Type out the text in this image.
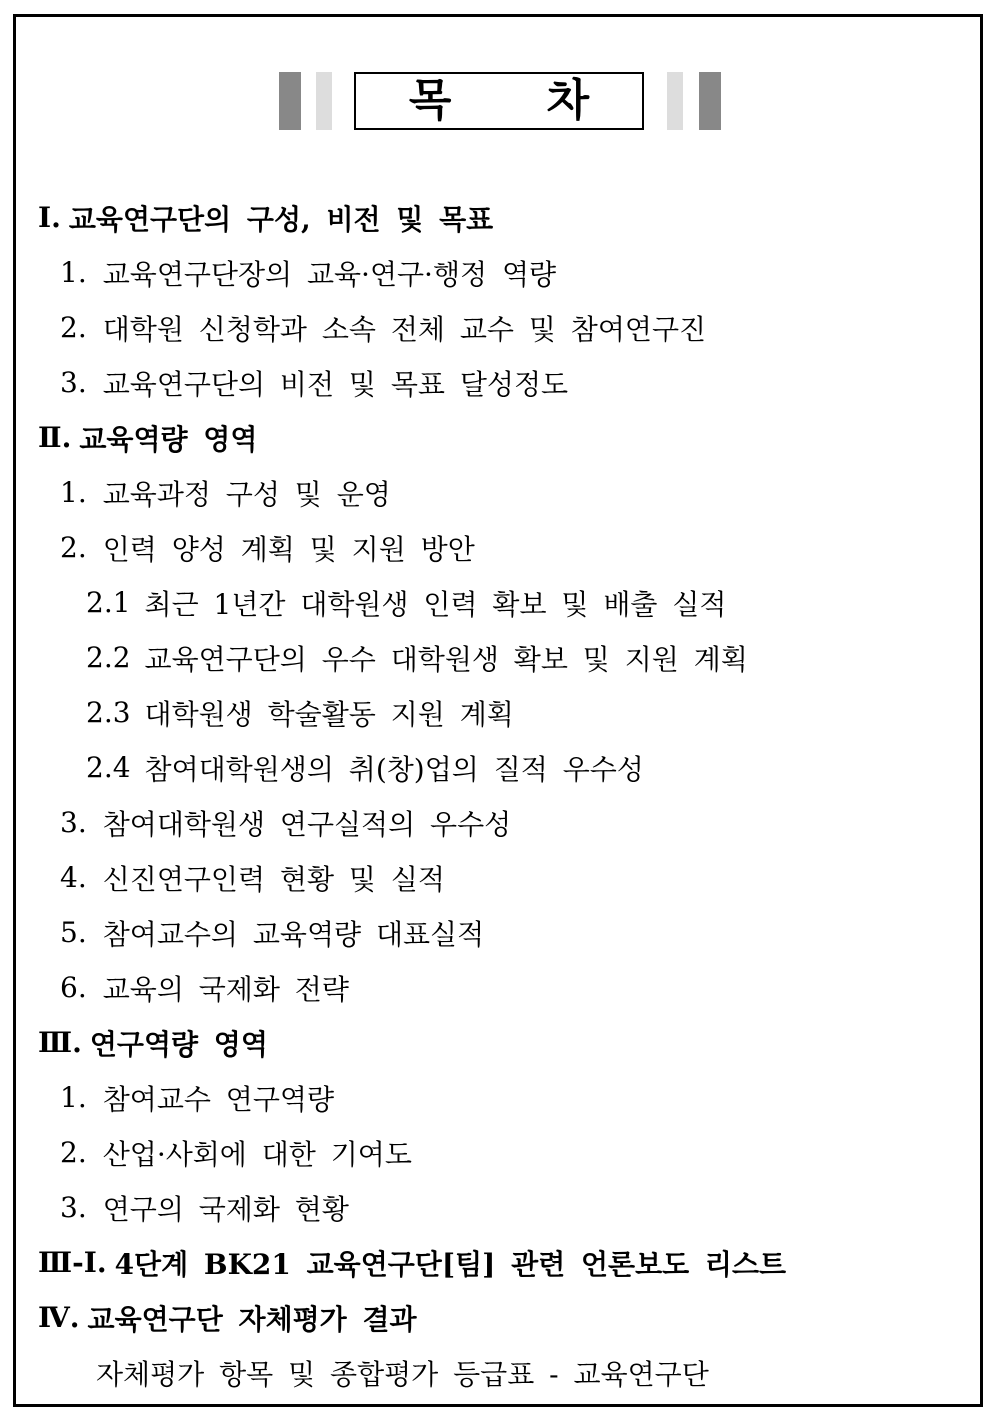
목 차
Ⅰ. 교육연구단의 구성, 비전 및 목표
1. 교육연구단장의 교육·연구·행정 역량
2. 대학원 신청학과 소속 전체 교수 및 참여연구진
3. 교육연구단의 비전 및 목표 달성정도
Ⅱ. 교육역량 영역
1. 교육과정 구성 및 운영
2. 인력 양성 계획 및 지원 방안
2.1 최근 1년간 대학원생 인력 확보 및 배출 실적
2.2 교육연구단의 우수 대학원생 확보 및 지원 계획
2.3 대학원생 학술활동 지원 계획
2.4 참여대학원생의 취(창)업의 질적 우수성
3. 참여대학원생 연구실적의 우수성
4. 신진연구인력 현황 및 실적
5. 참여교수의 교육역량 대표실적
6. 교육의 국제화 전략
Ⅲ. 연구역량 영역
1. 참여교수 연구역량
2. 산업·사회에 대한 기여도
3. 연구의 국제화 현황
Ⅲ-Ⅰ. 4단계 BK21 교육연구단[팀] 관련 언론보도 리스트
Ⅳ. 교육연구단 자체평가 결과
자체평가 항목 및 종합평가 등급표 - 교육연구단
